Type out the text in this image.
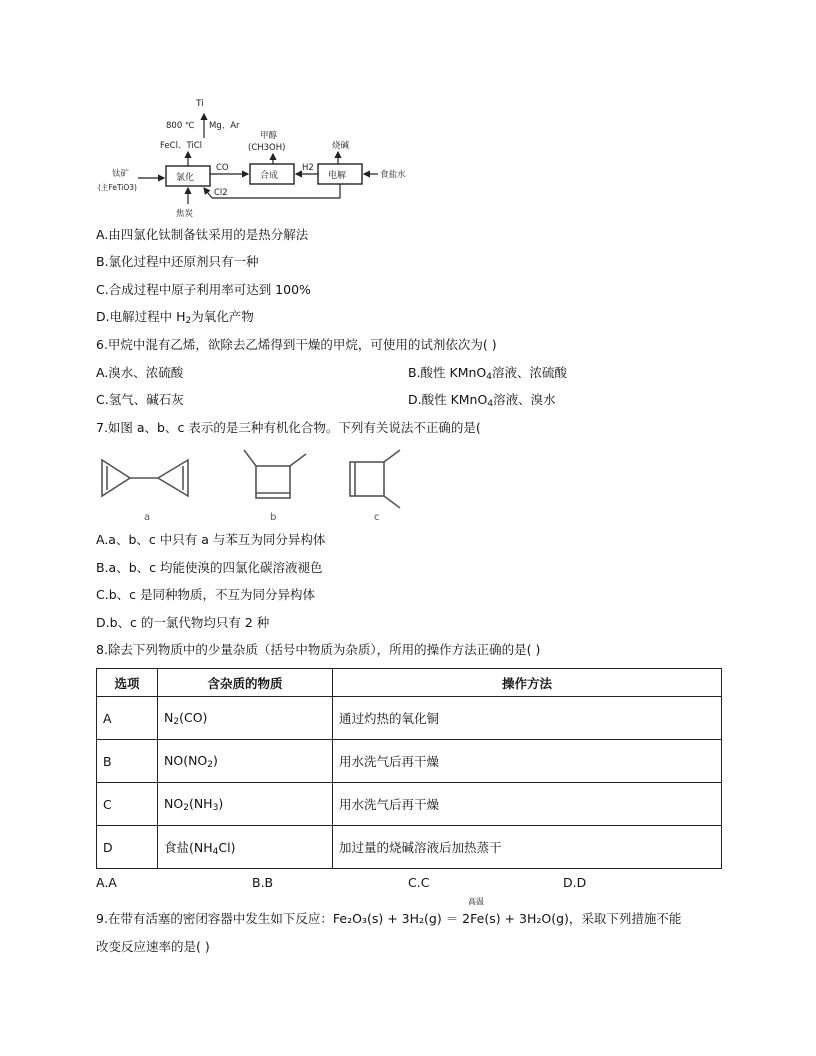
Ti
800 ℃ Mg、Ar
FeCl、TiCl
甲醇
(CH3OH)	烧碱
钛矿
(主FeTiO3)
氯化
CO
合成
H2
电解	食盐水
Cl2
焦炭
A.由四氯化钛制备钛采用的是热分解法
B.氯化过程中还原剂只有一种
C.合成过程中原子利用率可达到 100%
D.电解过程中 $H_2$为氧化产物
6.甲烷中混有乙烯，欲除去乙烯得到干燥的甲烷，可使用的试剂依次为( )
A.溴水、浓硫酸	B.酸性 KMnO$_4$溶液、浓硫酸
C.氢气、碱石灰	D.酸性 KMnO$_4$溶液、溴水
7.如图 a、b、c 表示的是三种有机化合物。下列有关说法不正确的是(
a	b	c
A.a、b、c 中只有 a 与苯互为同分异构体
B.a、b、c 均能使溴的四氯化碳溶液褪色
C.b、c 是同种物质，不互为同分异构体
D.b、c 的一氯代物均只有 2 种
8.除去下列物质中的少量杂质（括号中物质为杂质），所用的操作方法正确的是( )
选项	含杂质的物质	操作方法
A	$N_2(CO)$	通过灼热的氧化铜
B	$NO(NO_2)$	用水洗气后再干燥
C	$NO_2(NH_3)$	用水洗气后再干燥
D	食盐$(NH_4Cl)$	加过量的烧碱溶液后加热蒸干
A.A	B.B	C.C	D.D
高温
9.在带有活塞的密闭容器中发生如下反应：Fe₂O₃(s) + 3H₂(g) ＝ 2Fe(s) + 3H₂O(g)，采取下列措施不能
改变反应速率的是( )
